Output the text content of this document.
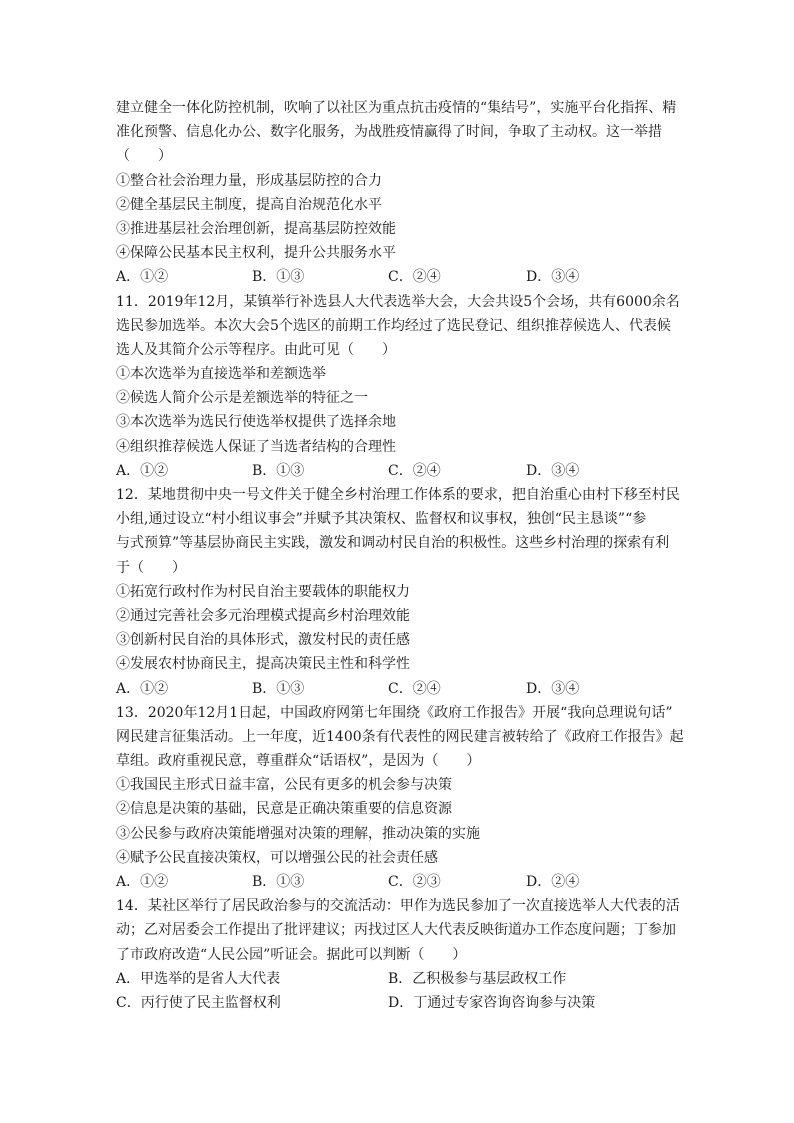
建立健全一体化防控机制，吹响了以社区为重点抗击疫情的“集结号”，实施平台化指挥、精
准化预警、信息化办公、数字化服务，为战胜疫情赢得了时间，争取了主动权。这一举措
（　　）
①整合社会治理力量，形成基层防控的合力
②健全基层民主制度，提高自治规范化水平
③推进基层社会治理创新，提高基层防控效能
④保障公民基本民主权利，提升公共服务水平
A．①②	B．①③	C．②④	D．③④
11．2019年12月，某镇举行补选县人大代表选举大会，大会共设5个会场，共有6000余名
选民参加选举。本次大会5个选区的前期工作均经过了选民登记、组织推荐候选人、代表候
选人及其简介公示等程序。由此可见（　　）
①本次选举为直接选举和差额选举
②候选人简介公示是差额选举的特征之一
③本次选举为选民行使选举权提供了选择余地
④组织推荐候选人保证了当选者结构的合理性
A．①②	B．①③	C．②④	D．③④
12．某地贯彻中央一号文件关于健全乡村治理工作体系的要求，把自治重心由村下移至村民
小组,通过设立“村小组议事会”并赋予其决策权、监督权和议事权，独创“民主恳谈”“参
与式预算”等基层协商民主实践，激发和调动村民自治的积极性。这些乡村治理的探索有利
于（　　）
①拓宽行政村作为村民自治主要载体的职能权力
②通过完善社会多元治理模式提高乡村治理效能
③创新村民自治的具体形式，激发村民的责任感
④发展农村协商民主，提高决策民主性和科学性
A．①②	B．①③	C．②④	D．③④
13．2020年12月1日起，中国政府网第七年围绕《政府工作报告》开展“我向总理说句话”
网民建言征集活动。上一年度，近1400条有代表性的网民建言被转给了《政府工作报告》起
草组。政府重视民意，尊重群众“话语权”，是因为（　　）
①我国民主形式日益丰富，公民有更多的机会参与决策
②信息是决策的基础，民意是正确决策重要的信息资源
③公民参与政府决策能增强对决策的理解，推动决策的实施
④赋予公民直接决策权，可以增强公民的社会责任感
A．①②	B．①③	C．②③	D．②④
14．某社区举行了居民政治参与的交流活动：甲作为选民参加了一次直接选举人大代表的活
动；乙对居委会工作提出了批评建议；丙找过区人大代表反映街道办工作态度问题；丁参加
了市政府改造“人民公园”听证会。据此可以判断（　　）
A．甲选举的是省人大代表	B．乙积极参与基层政权工作
C．丙行使了民主监督权利	D．丁通过专家咨询咨询参与决策
